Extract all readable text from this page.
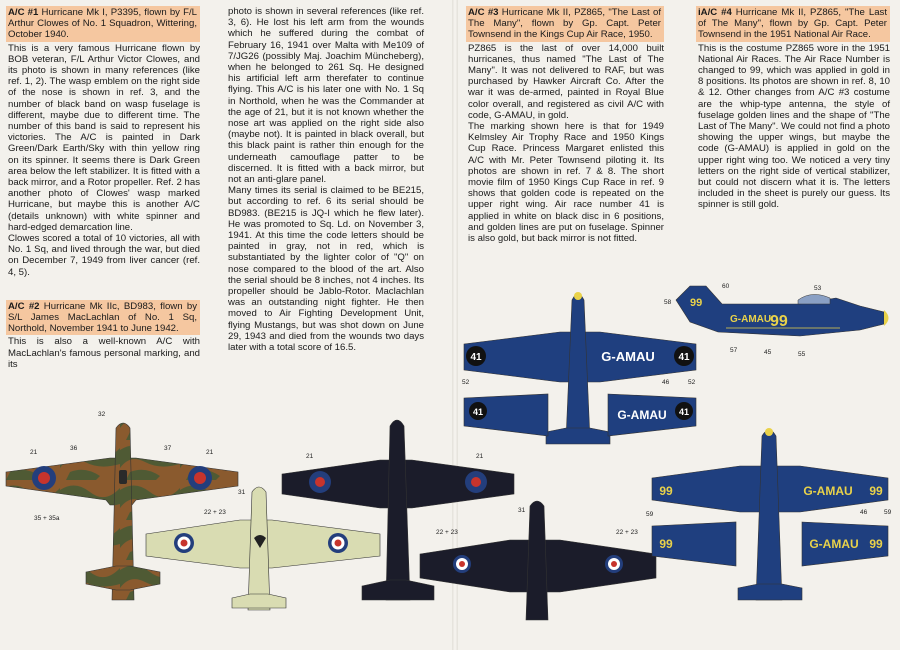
A/C #1 Hurricane Mk I, P3395, flown by F/L Arthur Clowes of No. 1 Squadron, Wittering, October 1940.
This is a very famous Hurricane flown by BOB veteran, F/L Arthur Victor Clowes, and its photo is shown in many references (like ref. 1, 2). The wasp emblem on the right side of the nose is shown in ref. 3, and the number of black band on wasp fuselage is different, maybe due to different time. The number of this band is said to represent his victories. The A/C is painted in Dark Green/Dark Earth/Sky with thin yellow ring on its spinner. It seems there is Dark Green area below the left stabilizer. It is fitted with a back mirror, and a Rotor propeller. Ref. 2 has another photo of Clowes' wasp marked Hurricane, but maybe this is another A/C (details unknown) with white spinner and hard-edged demarcation line.

Clowes scored a total of 10 victories, all with No. 1 Sq, and lived through the war, but died on December 7, 1949 from liver cancer (ref. 4, 5).

A/C #2 Hurricane Mk IIc, BD983, flown by S/L James MacLachlan of No. 1 Sq, Northold, November 1941 to June 1942.
This is also a well-known A/C with MacLachlan's famous personal marking, and its

photo is shown in several references (like ref. 3, 6). He lost his left arm from the wounds which he suffered during the combat of February 16, 1941 over Malta with Me109 of 7/JG26 (possibly Maj. Joachim Müncheberg), when he belonged to 261 Sq. He designed his artificial left arm therefater to continue flying. This A/C is his later one with No. 1 Sq in Northold, when he was the Commander at the age of 21, but it is not known whether the nose art was applied on the right side also (maybe not). It is painted in black overall, but this black paint is rather thin enough for the underneath camouflage patter to be discerned. It is fitted with a back mirror, but not an anti-glare panel.

Many times its serial is claimed to be BE215, but according to ref. 6 its serial should be BD983. (BE215 is JQ-I which he flew later). He was promoted to Sq. Ld. on November 3, 1941. At this time the code letters should be painted in gray, not in red, which is substantiated by the lighter color of "Q" on nose compared to the blood of the art. Also the serial should be 8 inches, not 4 inches. Its propeller should be Jablo-Rotor. Maclachlan was an outstanding night fighter. He then moved to Air Fighting Development Unit, flying Mustangs, but was shot down on June 29, 1943 and died from the wounds two days later with a total score of 16.5.

A/C #3 Hurricane Mk II, PZ865, "The Last of The Many", flown by Gp. Capt. Peter Townsend in the Kings Cup Air Race, 1950.
PZ865 is the last of over 14,000 built hurricanes, thus named "The Last of The Many". It was not delivered to RAF, but was purchased by Hawker Aircraft Co. After the war it was de-armed, painted in Royal Blue color overall, and registered as civil A/C with code, G-AMAU, in gold.

The marking shown here is that for 1949 Kelmsley Air Trophy Race and 1950 Kings Cup Race. Princess Margaret enlisted this A/C with Mr. Peter Townsend piloting it. Its photos are shown in ref. 7 & 8. The short movie film of 1950 Kings Cup Race in ref. 9 shows that golden code is repeated on the upper right wing. Air race number 41 is applied in white on black disc in 6 positions, and golden lines are put on fuselage. Spinner is also gold, but back mirror is not fitted.

iA/C #4 Hurricane Mk II, PZ865, "The Last of The Many", flown by Gp. Capt. Peter Townsend in the 1951 National Air Race.
This is the costume PZ865 wore in the 1951 National Air Races. The Air Race Number is changed to 99, which was applied in gold in 8 positions. Its photos are shown in ref. 8, 10 & 12. Other changes from A/C #3 costume are the whip-type antenna, the style of fuselage golden lines and the shape of "The Last of The Many". We could not find a photo showing the upper wings, but maybe the code (G-AMAU) is applied in gold on the upper right wing too. We noticed a very tiny letters on the right side of vertical stabilizer, but could not discern what it is. The letters included in the sheet is purely our guess. Its spinner is still gold.

41	G-AMAU 41
41	G-AMAU 41
99
G-AMAU
99
99	G-AMAU 99
99	G-AMAU 99
32
21
36	37
21
35 + 35a
31
22 + 23
21	21
31
22 + 23	22 + 23
52	46	52
58
60	53
57	45	55
59	46	59
